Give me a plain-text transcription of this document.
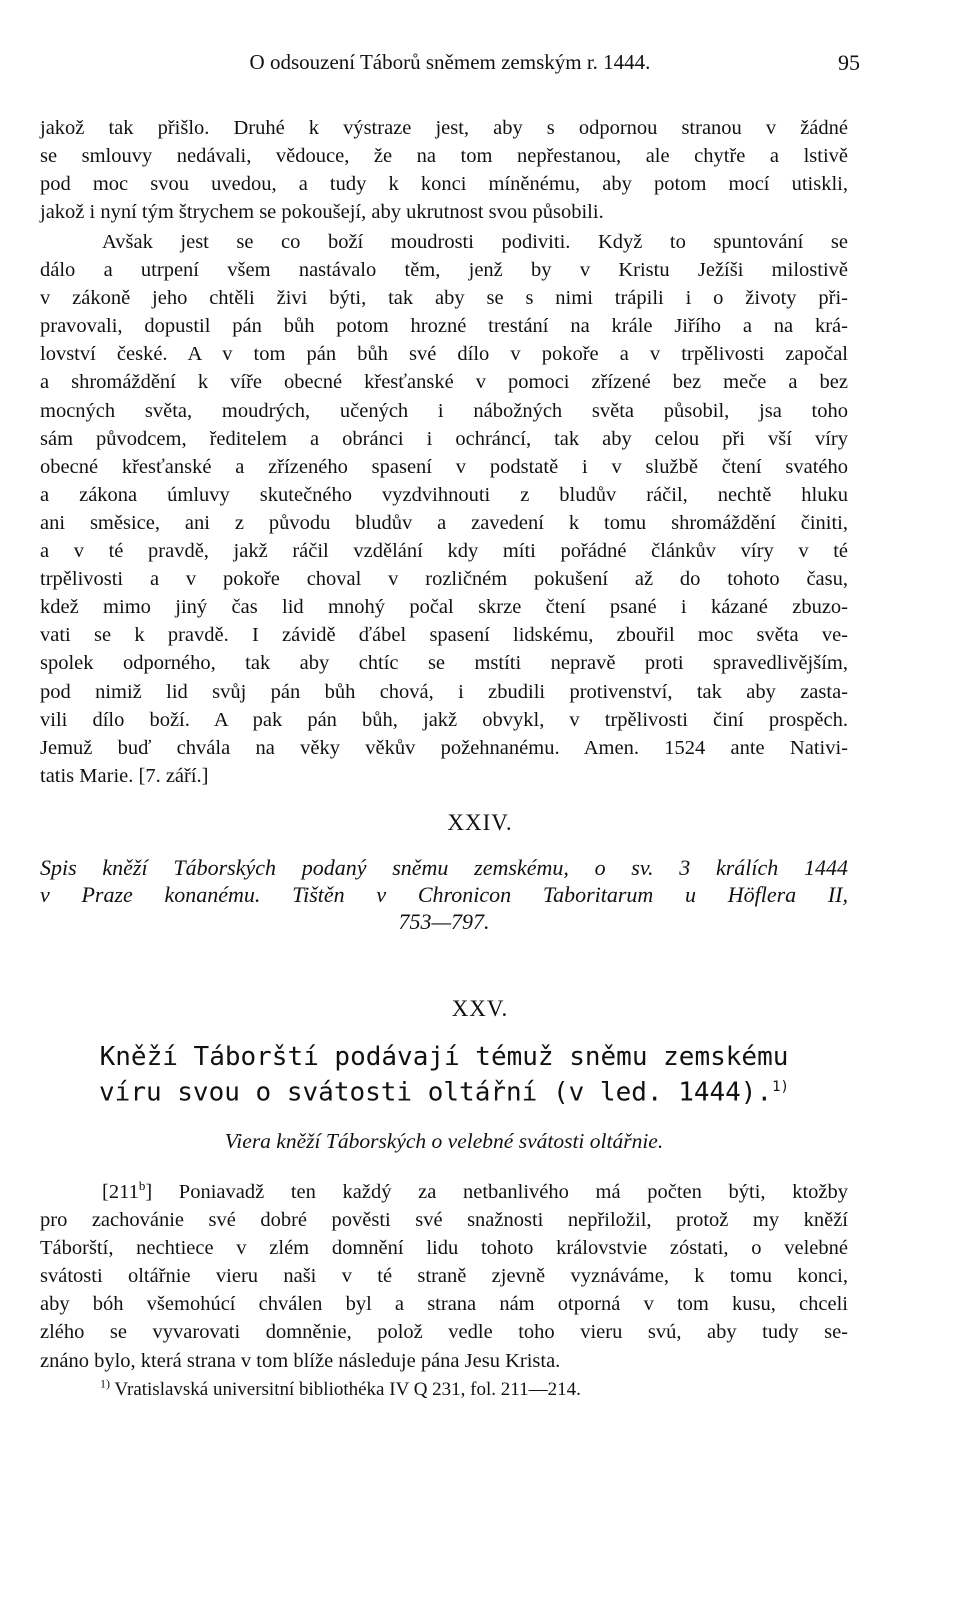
O odsouzení Táborů sněmem zemským r. 1444.	95
jakož tak přišlo. Druhé k výstraze jest, aby s odpornou stranou v žádné
se smlouvy nedávali, vědouce, že na tom nepřestanou, ale chytře a lstivě
pod moc svou uvedou, a tudy k konci míněnému, aby potom mocí utiskli,
jakož i nyní tým štrychem se pokoušejí, aby ukrutnost svou působili.
Avšak jest se co boží moudrosti podiviti. Když to spuntování se
dálo a utrpení všem nastávalo těm, jenž by v Kristu Ježíši milostivě
v zákoně jeho chtěli živi býti, tak aby se s nimi trápili i o životy při-
pravovali, dopustil pán bůh potom hrozné trestání na krále Jiřího a na krá-
lovství české. A v tom pán bůh své dílo v pokoře a v trpělivosti započal
a shromáždění k víře obecné křesťanské v pomoci zřízené bez meče a bez
mocných světa, moudrých, učených i nábožných světa působil, jsa toho
sám původcem, ředitelem a obránci i ochráncí, tak aby celou při vší víry
obecné křesťanské a zřízeného spasení v podstatě i v službě čtení svatého
a zákona úmluvy skutečného vyzdvihnouti z bludův ráčil, nechtě hluku
ani směsice, ani z původu bludův a zavedení k tomu shromáždění činiti,
a v té pravdě, jakž ráčil vzdělání kdy míti pořádné článkův víry v té
trpělivosti a v pokoře choval v rozličném pokušení až do tohoto času,
kdež mimo jiný čas lid mnohý počal skrze čtení psané i kázané zbuzo-
vati se k pravdě. I závidě ďábel spasení lidskému, zbouřil moc světa ve-
spolek odporného, tak aby chtíc se mstíti nepravě proti spravedlivějším,
pod nimiž lid svůj pán bůh chová, i zbudili protivenství, tak aby zasta-
vili dílo boží. A pak pán bůh, jakž obvykl, v trpělivosti činí prospěch.
Jemuž buď chvála na věky věkův požehnanému. Amen. 1524 ante Nativi-
tatis Marie. [7. září.]
XXIV.
Spis kněží Táborských podaný sněmu zemskému, o sv. 3 králích 1444
v Praze konanému. Tištěn v Chronicon Taboritarum u Höflera II,
753—797.
XXV.
Kněží Táborští podávají témuž sněmu zemskému
víru svou o svátosti oltářní (v led. 1444).$^{1)}$
Viera kněží Táborských o velebné svátosti oltářnie.
[211$^b$] Poniavadž ten každý za netbanlivého má počten býti, ktožby
pro zachovánie své dobré pověsti své snažnosti nepřiložil, protož my kněží
Táborští, nechtiece v zlém domnění lidu tohoto královstvie zóstati, o velebné
svátosti oltářnie vieru naši v té straně zjevně vyznáváme, k tomu konci,
aby bóh všemohúcí chválen byl a strana nám otporná v tom kusu, chceli
zlého se vyvarovati domněnie, polož vedle toho vieru svú, aby tudy se-
znáno bylo, která strana v tom blíže následuje pána Jesu Krista.
$^{1)}$ Vratislavská universitní bibliothéka IV Q 231, fol. 211—214.
